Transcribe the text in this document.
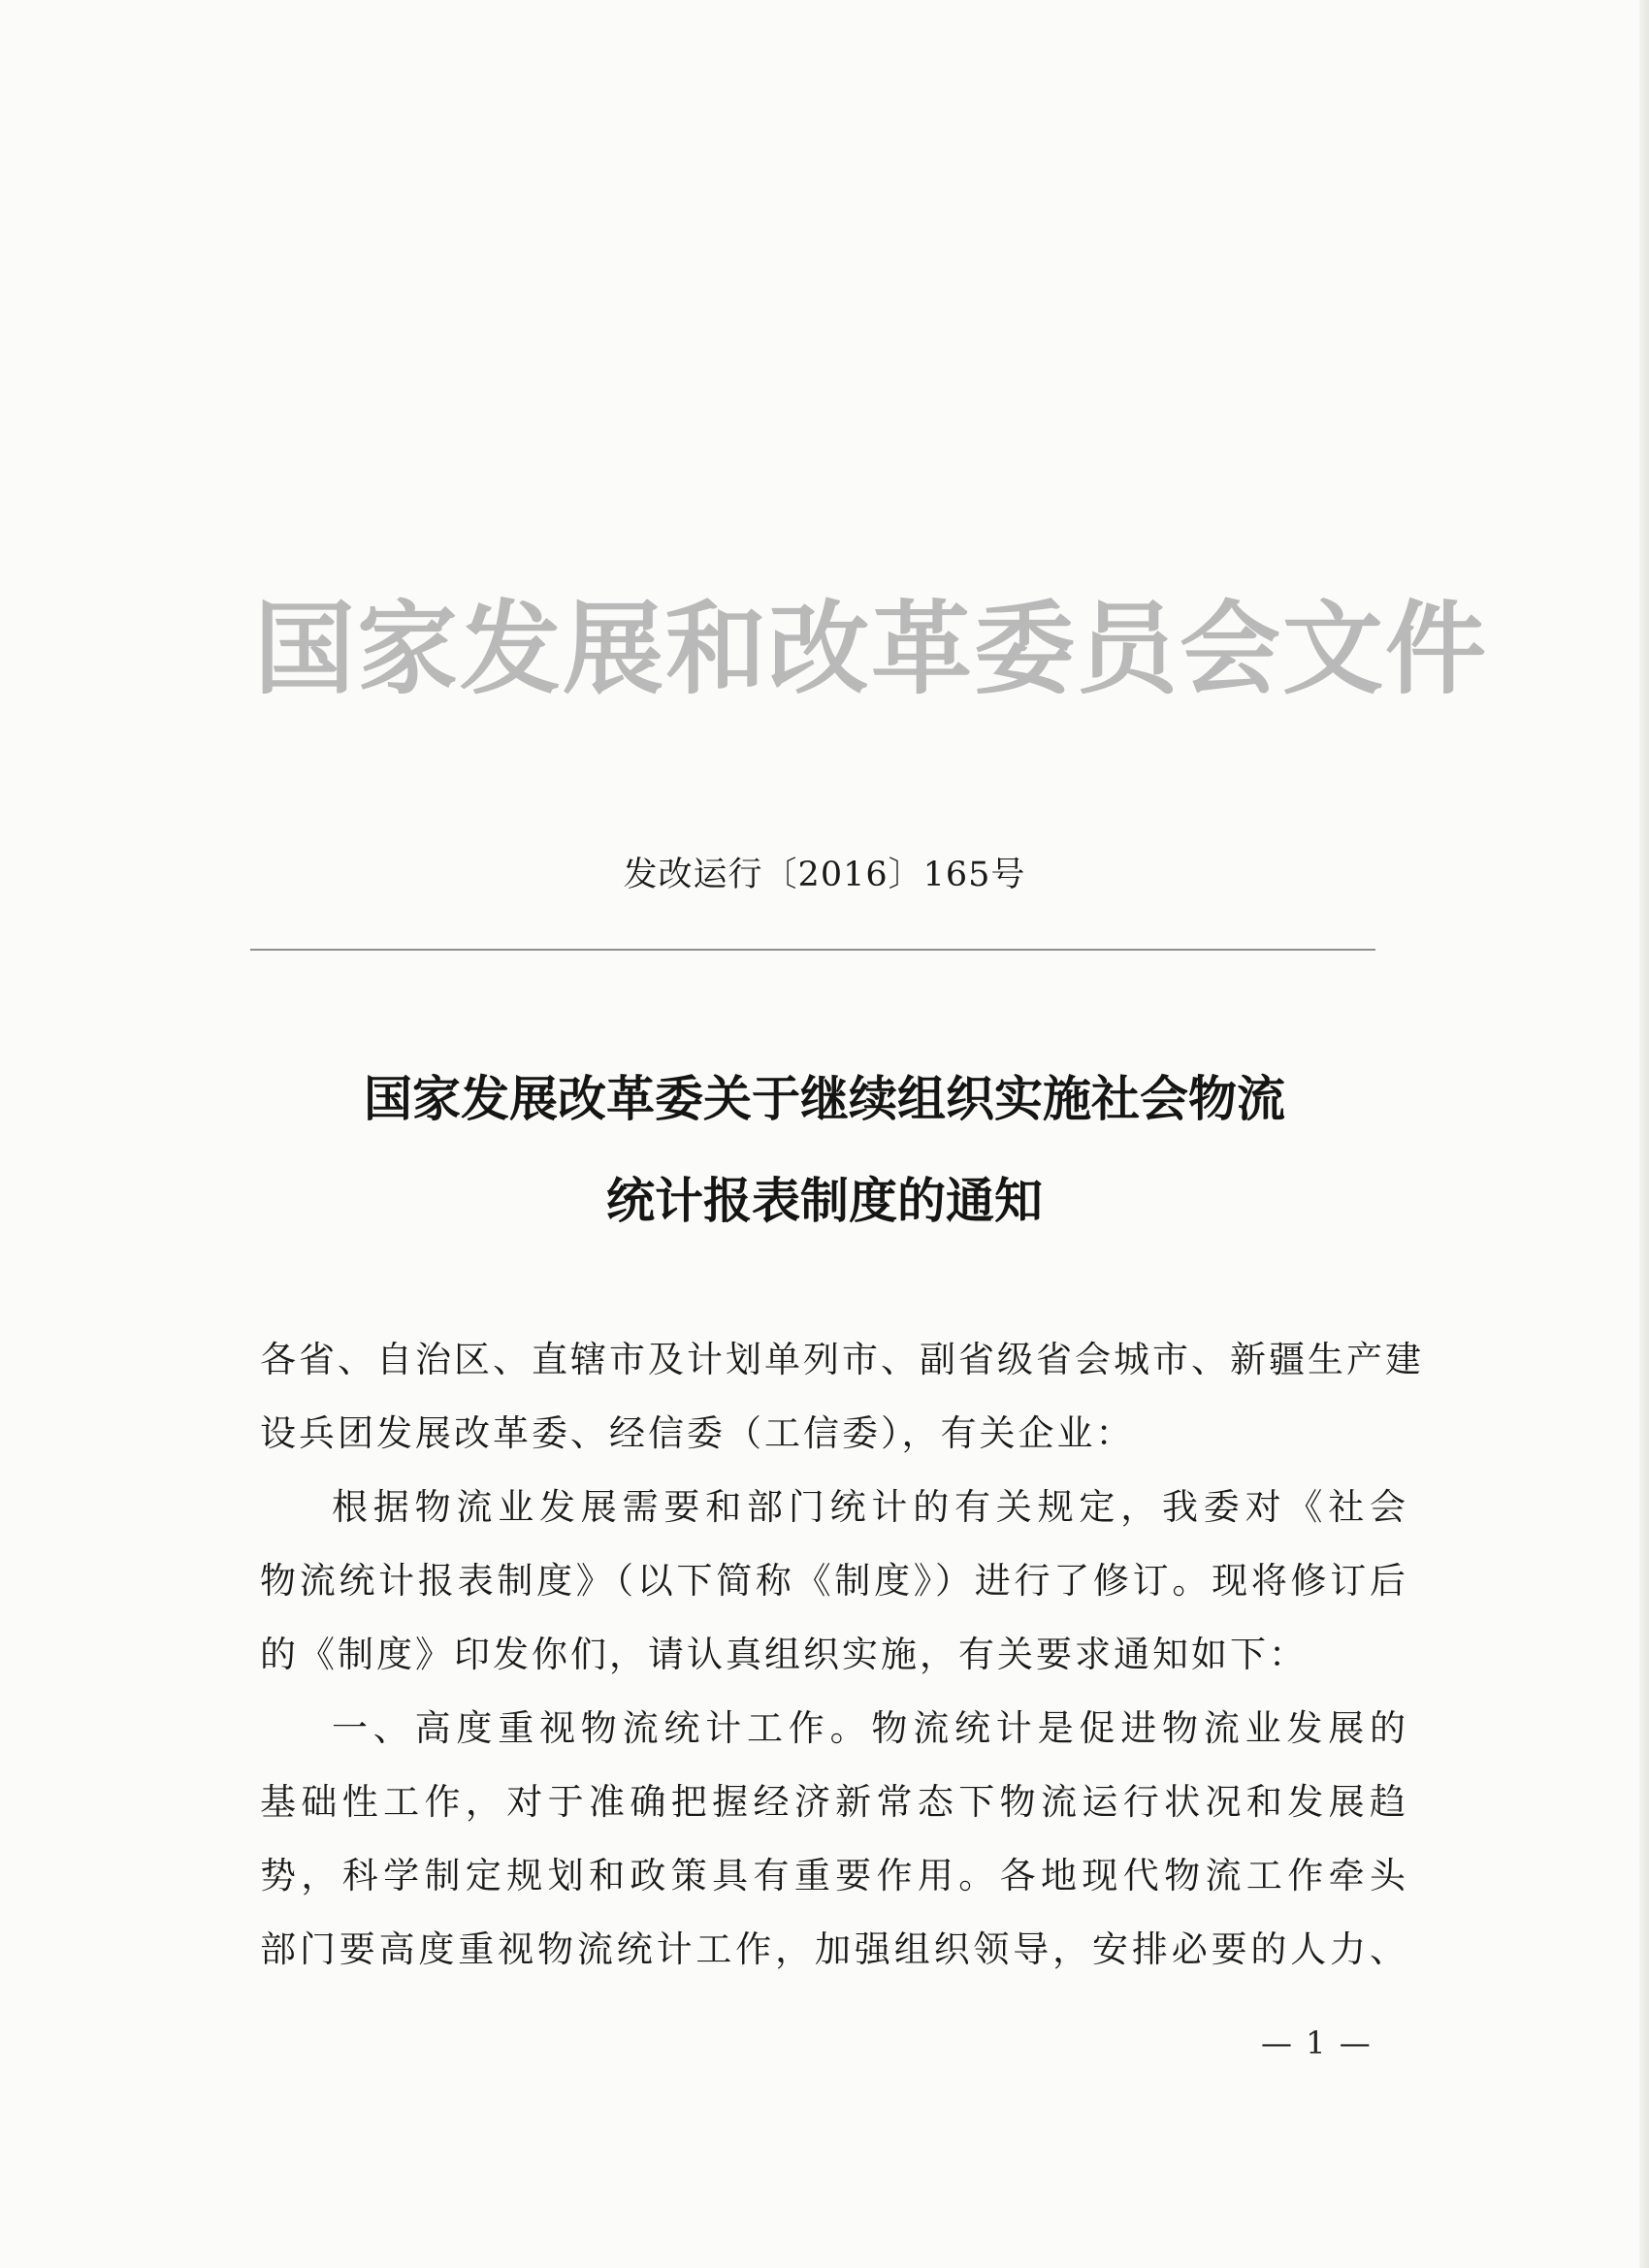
国家发展和改革委员会文件
发改运行〔2016〕165号
国家发展改革委关于继续组织实施社会物流
统计报表制度的通知
各省、自治区、直辖市及计划单列市、副省级省会城市、新疆生产建
设兵团发展改革委、经信委（工信委），有关企业：
根据物流业发展需要和部门统计的有关规定，我委对《社会
物流统计报表制度》（以下简称《制度》）进行了修订。现将修订后
的《制度》印发你们，请认真组织实施，有关要求通知如下：
一、高度重视物流统计工作。物流统计是促进物流业发展的
基础性工作，对于准确把握经济新常态下物流运行状况和发展趋
势，科学制定规划和政策具有重要作用。各地现代物流工作牵头
部门要高度重视物流统计工作，加强组织领导，安排必要的人力、
— 1 —
